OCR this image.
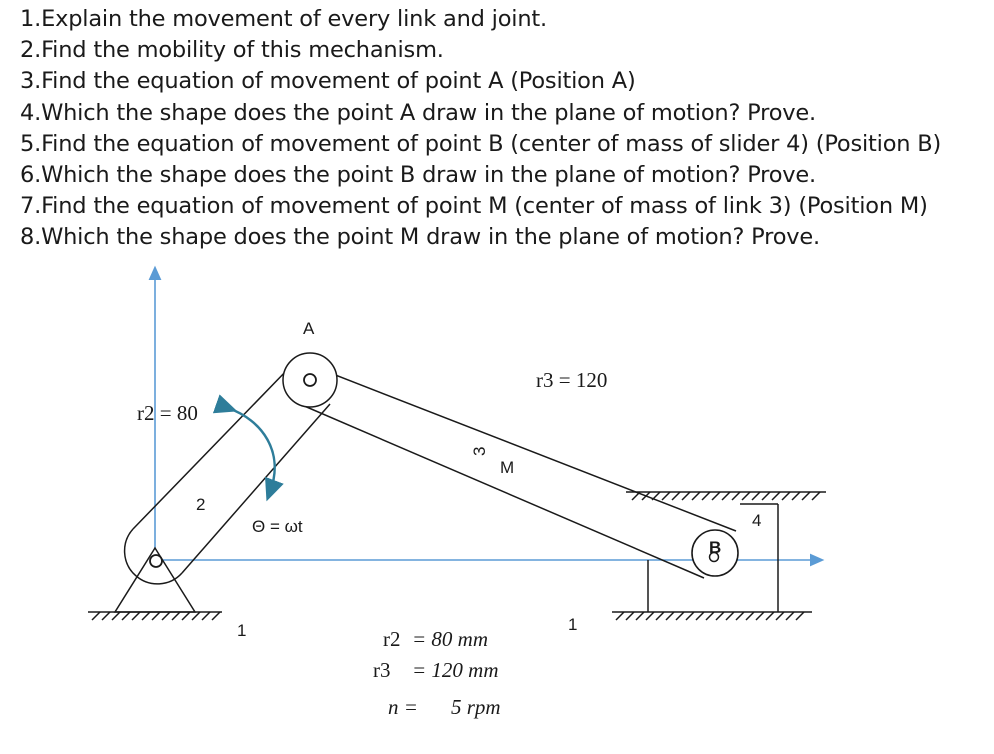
1.Explain the movement of every link and joint.
2.Find the mobility of this mechanism.
3.Find the equation of movement of point A (Position A)
4.Which the shape does the point A draw in the plane of motion? Prove.
5.Find the equation of movement of point B (center of mass of slider 4) (Position B)
6.Which the shape does the point B draw in the plane of motion? Prove.
7.Find the equation of movement of point M (center of mass of link 3) (Position M)
8.Which the shape does the point M draw in the plane of motion? Prove.
A
B
M
2
3
4
1	1
r2 = 80
r3 = 120
Θ = ωt
r2 = 80 mm
r3 = 120 mm
n = 5 rpm
